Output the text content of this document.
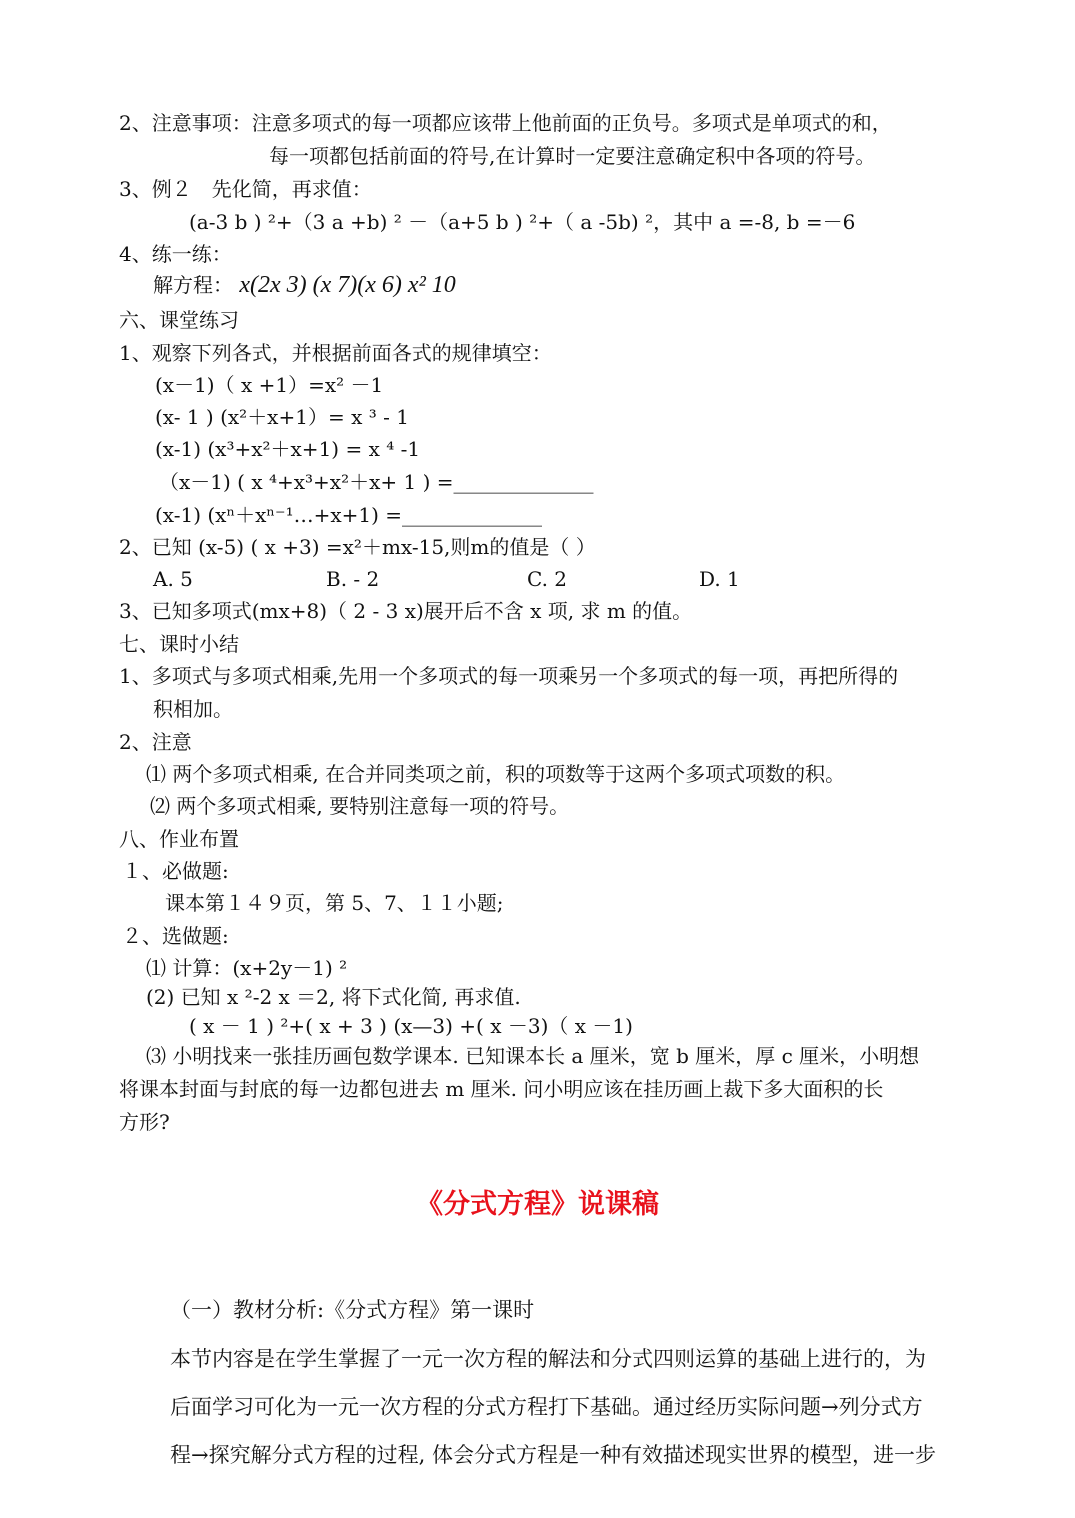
2、注意事项：注意多项式的每一项都应该带上他前面的正负号。多项式是单项式的和，
每一项都包括前面的符号,在计算时一定要注意确定积中各项的符号。
3、例２　先化简，再求值：
(a-3 b ) ²+（3 a +b) ² －（a+5 b ) ²+（ a -5b) ²，其中 a =-8, b =－6
4、练一练：
解方程： x(2x 3) (x 7)(x 6) x² 10
六、课堂练习
1、观察下列各式，并根据前面各式的规律填空：
(x－1)（ x +1）=x² －1
(x- 1 ) (x²＋x+1）= x ³ - 1
(x-1) (x³+x²＋x+1) = x ⁴ -1
（x－1) ( x ⁴+x³+x²＋x+ 1 ) =______________
(x-1) (xⁿ＋xⁿ⁻¹…+x+1) =______________
2、已知 (x-5) ( x +3) =x²＋mx-15,则m的值是（ ）
A. 5	B. - 2	C. 2	D. 1
3、已知多项式(mx+8)（ 2 - 3 x)展开后不含 x 项, 求 m 的值。
七、课时小结
1、多项式与多项式相乘,先用一个多项式的每一项乘另一个多项式的每一项，再把所得的
积相加。
2、注意
⑴ 两个多项式相乘, 在合并同类项之前，积的项数等于这两个多项式项数的积。
⑵ 两个多项式相乘, 要特别注意每一项的符号。
八、作业布置
１、必做题:
课本第１４９页，第 5、7、１１小题;
２、选做题:
⑴ 计算：(x+2y－1) ²
(2) 已知 x ²-2 x ＝2, 将下式化简, 再求值.
( x － 1 ) ²+( x + 3 ) (x—3) +( x －3)（ x －1)
⑶ 小明找来一张挂历画包数学课本. 已知课本长 a 厘米，宽 b 厘米，厚 c 厘米，小明想
将课本封面与封底的每一边都包进去 m 厘米. 问小明应该在挂历画上裁下多大面积的长
方形?
《分式方程》说课稿
（一）教材分析:《分式方程》第一课时
本节内容是在学生掌握了一元一次方程的解法和分式四则运算的基础上进行的，为
后面学习可化为一元一次方程的分式方程打下基础。通过经历实际问题→列分式方
程→探究解分式方程的过程, 体会分式方程是一种有效描述现实世界的模型，进一步
